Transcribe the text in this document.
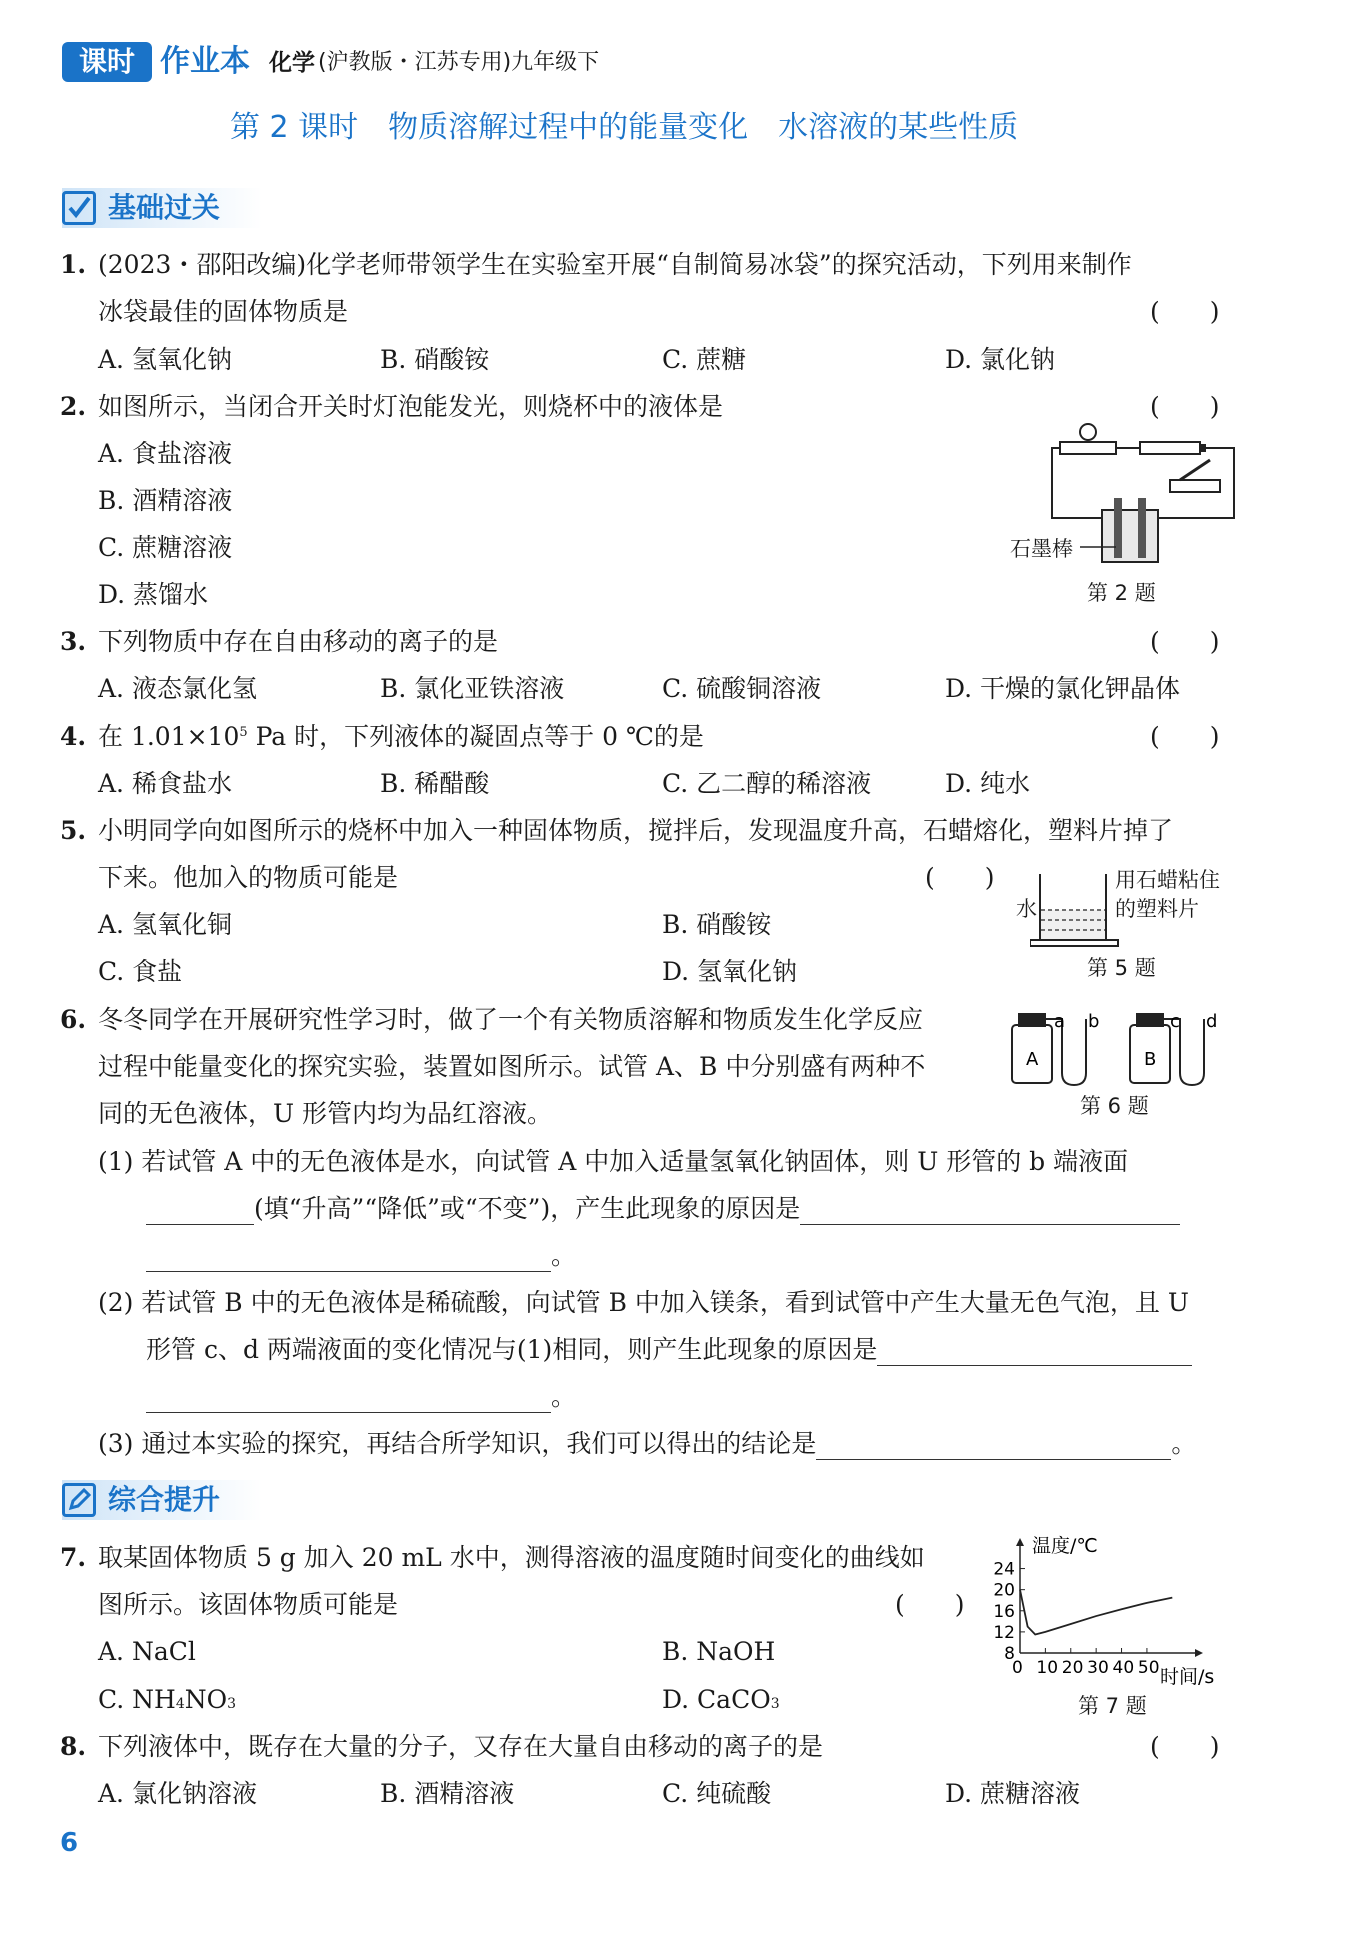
课时 作业本 化学 (沪教版・江苏专用)九年级下
第 2 课时　物质溶解过程中的能量变化　水溶液的某些性质
基础过关
1. (2023・邵阳改编)化学老师带领学生在实验室开展“自制简易冰袋”的探究活动，下列用来制作
冰袋最佳的固体物质是	(　　)
A. 氢氧化钠	B. 硝酸铵	C. 蔗糖	D. 氯化钠
2. 如图所示，当闭合开关时灯泡能发光，则烧杯中的液体是	(　　)
A. 食盐溶液
B. 酒精溶液
C. 蔗糖溶液
D. 蒸馏水
石墨棒
第 2 题
3. 下列物质中存在自由移动的离子的是	(　　)
A. 液态氯化氢	B. 氯化亚铁溶液	C. 硫酸铜溶液	D. 干燥的氯化钾晶体
4. 在 $1.01\times 10^5$ Pa 时，下列液体的凝固点等于 0 ℃的是	(　　)
A. 稀食盐水	B. 稀醋酸	C. 乙二醇的稀溶液	D. 纯水
5. 小明同学向如图所示的烧杯中加入一种固体物质，搅拌后，发现温度升高，石蜡熔化，塑料片掉了
下来。他加入的物质可能是	(　　)
A. 氢氧化铜	B. 硝酸铵
C. 食盐	D. 氢氧化钠
水
用石蜡粘住
的塑料片
第 5 题
6. 冬冬同学在开展研究性学习时，做了一个有关物质溶解和物质发生化学反应
过程中能量变化的探究实验，装置如图所示。试管 A、B 中分别盛有两种不
同的无色液体，U 形管内均为品红溶液。
a b	c d
A	B
第 6 题
(1) 若试管 A 中的无色液体是水，向试管 A 中加入适量氢氧化钠固体，则 U 形管的 b 端液面
(填“升高”“降低”或“不变”)，产生此现象的原因是
。
(2) 若试管 B 中的无色液体是稀硫酸，向试管 B 中加入镁条，看到试管中产生大量无色气泡，且 U
形管 c、d 两端液面的变化情况与(1)相同，则产生此现象的原因是
。
(3) 通过本实验的探究，再结合所学知识，我们可以得出的结论是	。
综合提升
7. 取某固体物质 5 g 加入 20 mL 水中，测得溶液的温度随时间变化的曲线如
图所示。该固体物质可能是	(　　)
A. NaCl	B. NaOH
C. NH4NO3	D. CaCO3
温度/℃
时间/s
0 10 20 30 40 50
8
12
16
20
24
第 7 题
8. 下列液体中，既存在大量的分子，又存在大量自由移动的离子的是	(　　)
A. 氯化钠溶液	B. 酒精溶液	C. 纯硫酸	D. 蔗糖溶液
6
